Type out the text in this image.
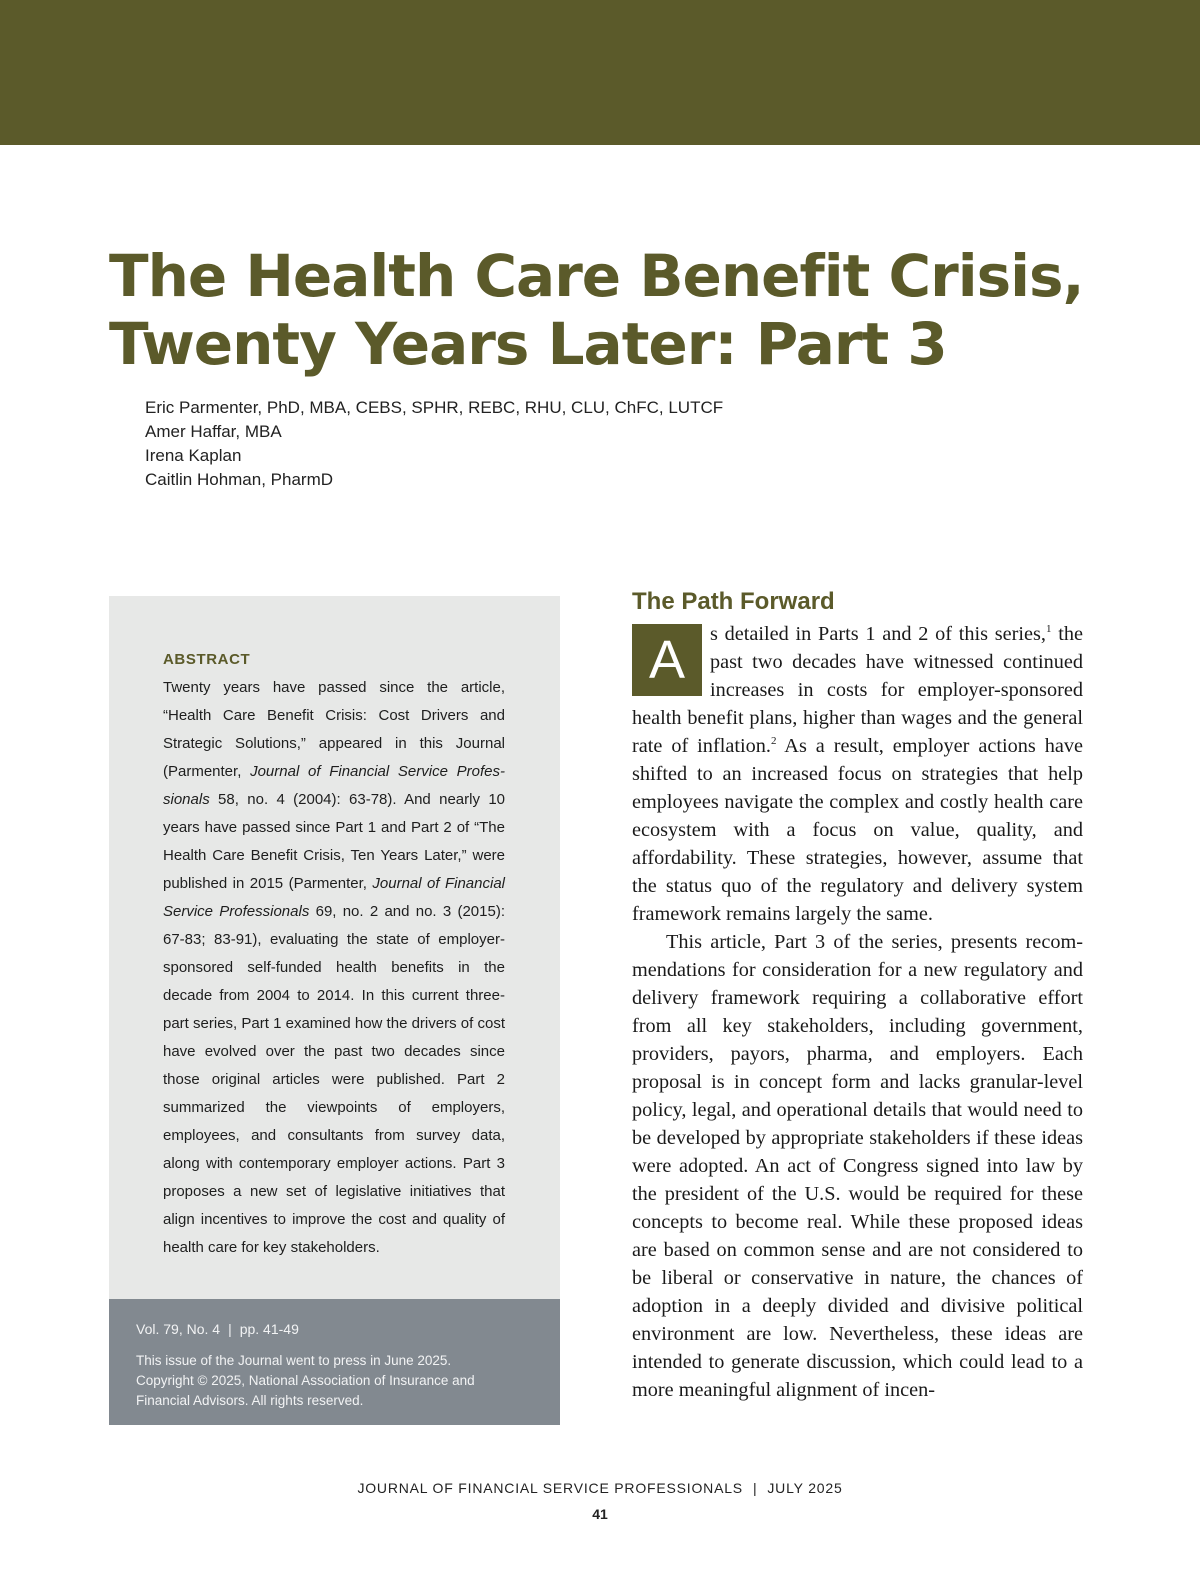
The Health Care Benefit Crisis,
Twenty Years Later: Part 3
Eric Parmenter, PhD, MBA, CEBS, SPHR, REBC, RHU, CLU, ChFC, LUTCF
Amer Haffar, MBA
Irena Kaplan
Caitlin Hohman, PharmD
ABSTRACT

Twenty years have passed since the article, “Health Care Benefit Crisis: Cost Drivers and Strategic Solutions,” appeared in this Journal (Parmenter, Journal of Financial Service Professionals 58, no. 4 (2004): 63-78). And nearly 10 years have passed since Part 1 and Part 2 of “The Health Care Benefit Crisis, Ten Years Later,” were published in 2015 (Parmenter, Journal of Financial Service Professionals 69, no. 2 and no. 3 (2015): 67-83; 83-91), evaluating the state of employer-sponsored self-funded health benefits in the decade from 2004 to 2014. In this current three-part series, Part 1 examined how the drivers of cost have evolved over the past two decades since those original articles were published. Part 2 summarized the viewpoints of employers, employees, and consultants from survey data, along with contemporary employer actions. Part 3 proposes a new set of legislative initiatives that align incentives to improve the cost and quality of health care for key stakeholders.

Vol. 79, No. 4 | pp. 41-49

This issue of the Journal went to press in June 2025.
Copyright © 2025, National Association of Insurance and
Financial Advisors. All rights reserved.

The Path Forward

A	s detailed in Parts 1 and 2 of this series,$^1$ the past two decades have witnessed continued increases in costs for employer-sponsored health benefit plans, higher than wages and the general rate of inflation.$^2$ As a result, employer actions have shifted to an increased focus on strategies that help employees navigate the complex and costly health care ecosystem with a focus on value, quality, and affordability. These strategies, however, assume that the status quo of the regulatory and delivery system framework remains largely the same.

This article, Part 3 of the series, presents recommendations for consideration for a new regulatory and delivery framework requiring a collaborative effort from all key stakeholders, including government, providers, payors, pharma, and employers. Each proposal is in concept form and lacks granular-level policy, legal, and operational details that would need to be developed by appropriate stakeholders if these ideas were adopted. An act of Congress signed into law by the president of the U.S. would be required for these concepts to become real. While these proposed ideas are based on common sense and are not considered to be liberal or conservative in nature, the chances of adoption in a deeply divided and divisive political environment are low. Nevertheless, these ideas are intended to generate discussion, which could lead to a more meaningful alignment of incen-

JOURNAL OF FINANCIAL SERVICE PROFESSIONALS | JULY 2025
41
